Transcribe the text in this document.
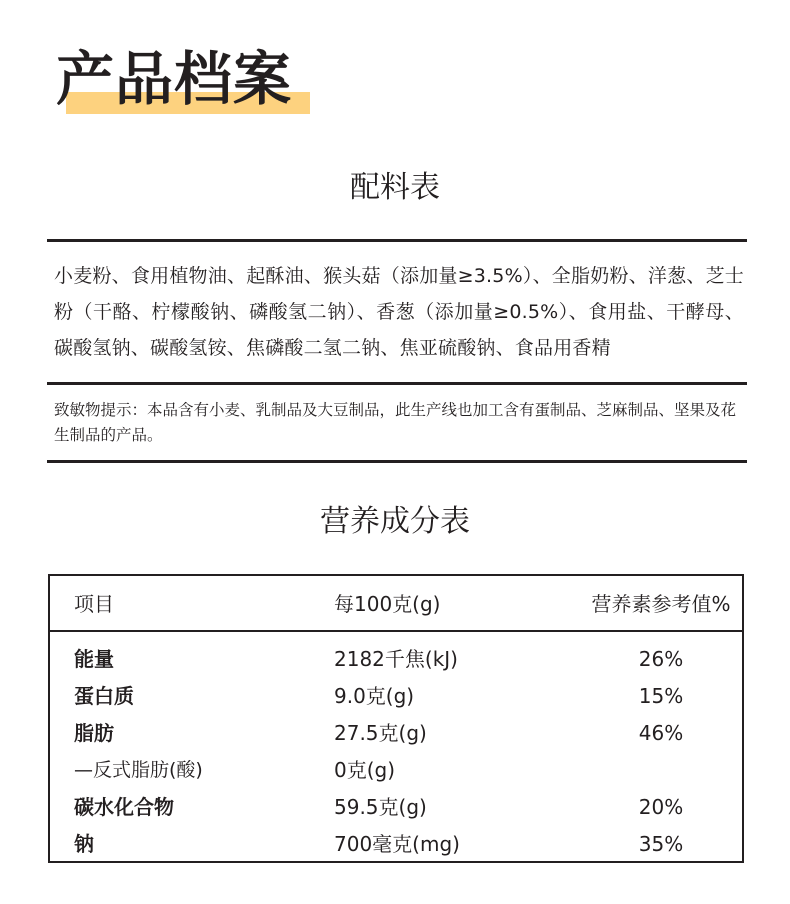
产品档案
配料表
小麦粉、食用植物油、起酥油、猴头菇（添加量≥3.5%）、全脂奶粉、洋葱、芝士粉（干酪、柠檬酸钠、磷酸氢二钠）、香葱（添加量≥0.5%）、食用盐、干酵母、碳酸氢钠、碳酸氢铵、焦磷酸二氢二钠、焦亚硫酸钠、食品用香精
致敏物提示：本品含有小麦、乳制品及大豆制品，此生产线也加工含有蛋制品、芝麻制品、坚果及花生制品的产品。
营养成分表
项目	每100克(g)	营养素参考值%
能量	2182千焦(kJ)	26%
蛋白质	9.0克(g)	15%
脂肪	27.5克(g)	46%
—反式脂肪(酸)	0克(g)
碳水化合物	59.5克(g)	20%
钠	700毫克(mg)	35%
